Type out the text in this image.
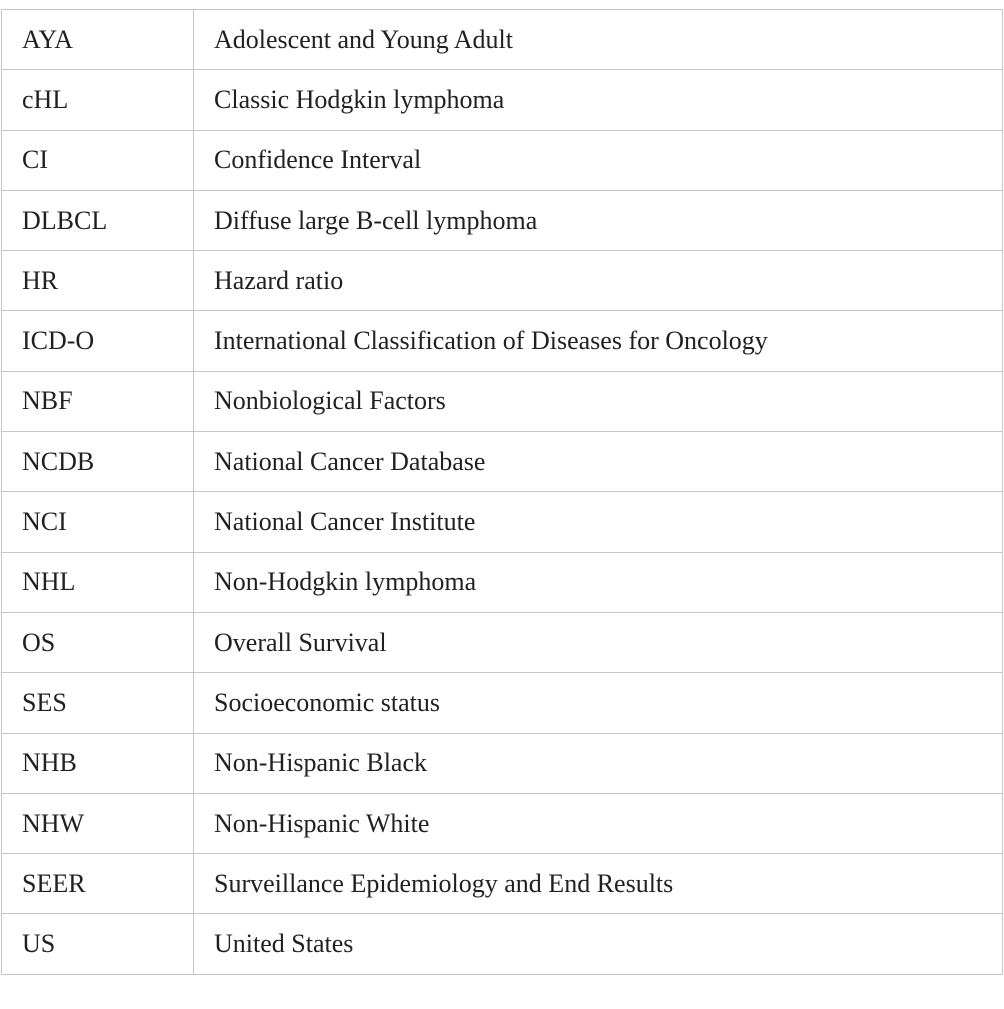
AYA	Adolescent and Young Adult
cHL	Classic Hodgkin lymphoma
CI	Confidence Interval
DLBCL	Diffuse large B-cell lymphoma
HR	Hazard ratio
ICD-O	International Classification of Diseases for Oncology
NBF	Nonbiological Factors
NCDB	National Cancer Database
NCI	National Cancer Institute
NHL	Non-Hodgkin lymphoma
OS	Overall Survival
SES	Socioeconomic status
NHB	Non-Hispanic Black
NHW	Non-Hispanic White
SEER	Surveillance Epidemiology and End Results
US	United States
